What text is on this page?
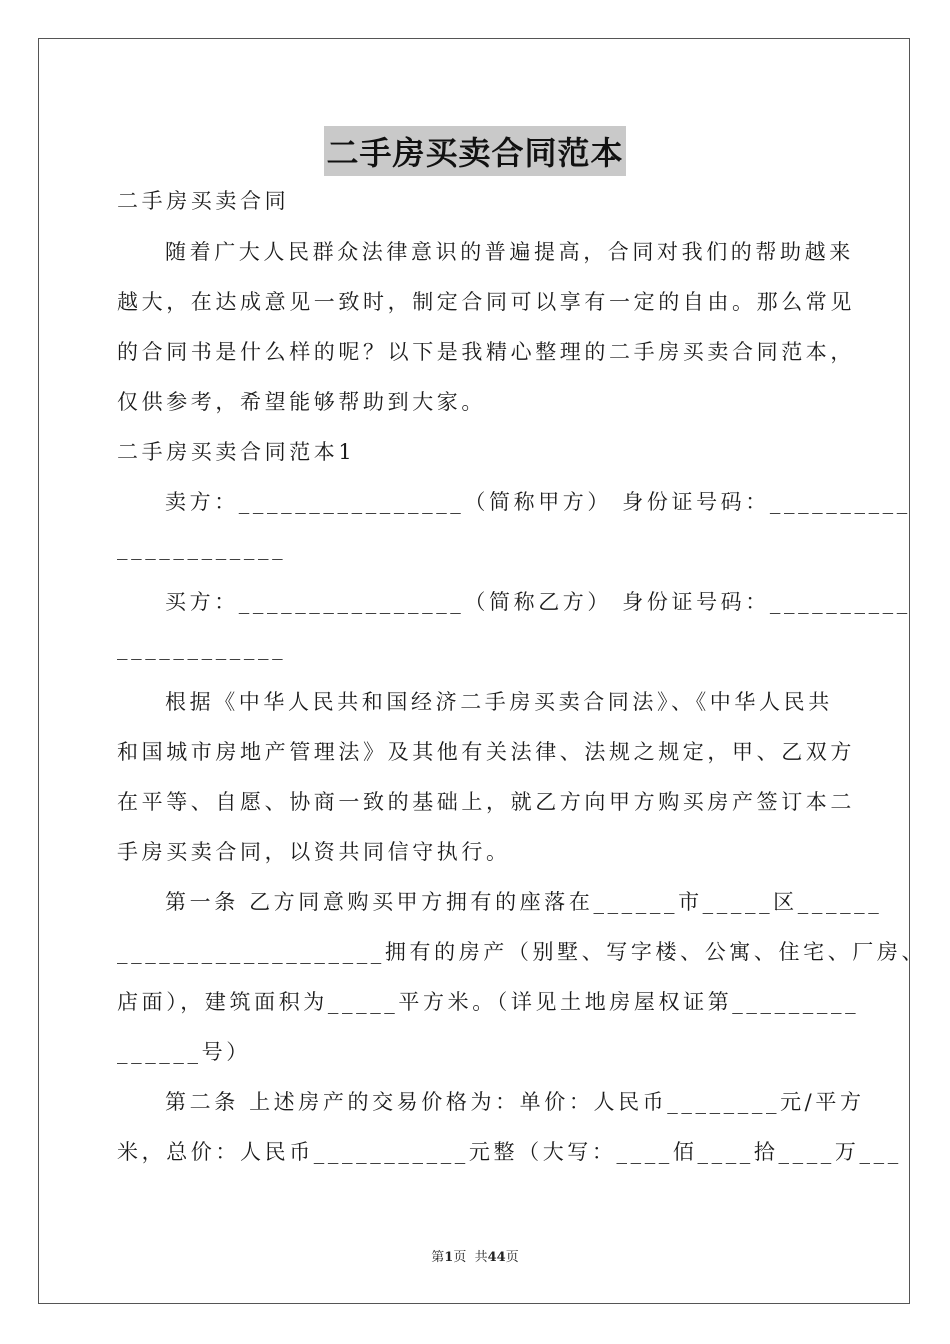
二手房买卖合同范本
二手房买卖合同
随着广大人民群众法律意识的普遍提高，合同对我们的帮助越来
越大，在达成意见一致时，制定合同可以享有一定的自由。那么常见
的合同书是什么样的呢？以下是我精心整理的二手房买卖合同范本，
仅供参考，希望能够帮助到大家。
二手房买卖合同范本1
卖方：________________（简称甲方） 身份证号码：__________
____________
买方：________________（简称乙方） 身份证号码：__________
____________
根据《中华人民共和国经济二手房买卖合同法》、《中华人民共
和国城市房地产管理法》及其他有关法律、法规之规定，甲、乙双方
在平等、自愿、协商一致的基础上，就乙方向甲方购买房产签订本二
手房买卖合同，以资共同信守执行。
第一条 乙方同意购买甲方拥有的座落在______市_____区______
___________________拥有的房产（别墅、写字楼、公寓、住宅、厂房、
店面），建筑面积为_____平方米。（详见土地房屋权证第_________
______号）
第二条 上述房产的交易价格为：单价：人民币________元/平方
米，总价：人民币___________元整（大写：____佰____拾____万___
第1页  共44页
